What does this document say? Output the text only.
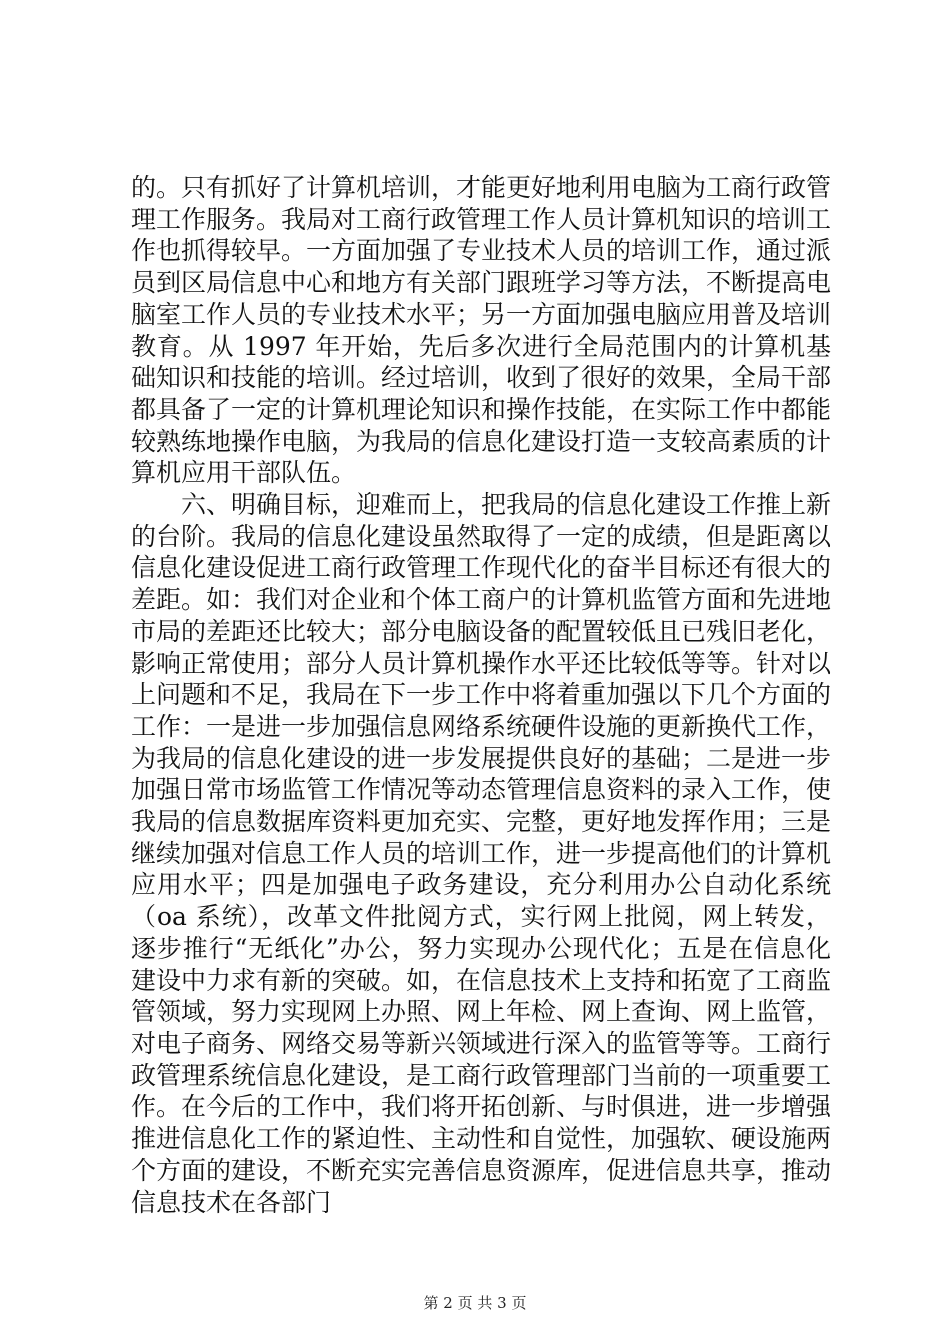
的。只有抓好了计算机培训，才能更好地利用电脑为工商行政管理工作服务。我局对工商行政管理工作人员计算机知识的培训工作也抓得较早。一方面加强了专业技术人员的培训工作，通过派员到区局信息中心和地方有关部门跟班学习等方法，不断提高电脑室工作人员的专业技术水平；另一方面加强电脑应用普及培训教育。从 1997 年开始，先后多次进行全局范围内的计算机基础知识和技能的培训。经过培训，收到了很好的效果，全局干部都具备了一定的计算机理论知识和操作技能，在实际工作中都能较熟练地操作电脑，为我局的信息化建设打造一支较高素质的计算机应用干部队伍。

六、明确目标，迎难而上，把我局的信息化建设工作推上新的台阶。我局的信息化建设虽然取得了一定的成绩，但是距离以信息化建设促进工商行政管理工作现代化的奋半目标还有很大的差距。如：我们对企业和个体工商户的计算机监管方面和先进地市局的差距还比较大；部分电脑设备的配置较低且已残旧老化，影响正常使用；部分人员计算机操作水平还比较低等等。针对以上问题和不足，我局在下一步工作中将着重加强以下几个方面的工作：一是进一步加强信息网络系统硬件设施的更新换代工作，为我局的信息化建设的进一步发展提供良好的基础；二是进一步加强日常市场监管工作情况等动态管理信息资料的录入工作，使我局的信息数据库资料更加充实、完整，更好地发挥作用；三是继续加强对信息工作人员的培训工作，进一步提高他们的计算机应用水平；四是加强电子政务建设，充分利用办公自动化系统（oa 系统），改革文件批阅方式，实行网上批阅，网上转发，逐步推行“无纸化”办公，努力实现办公现代化；五是在信息化建设中力求有新的突破。如，在信息技术上支持和拓宽了工商监管领域，努力实现网上办照、网上年检、网上查询、网上监管，对电子商务、网络交易等新兴领域进行深入的监管等等。工商行政管理系统信息化建设，是工商行政管理部门当前的一项重要工作。在今后的工作中，我们将开拓创新、与时俱进，进一步增强推进信息化工作的紧迫性、主动性和自觉性，加强软、硬设施两个方面的建设，不断充实完善信息资源库，促进信息共享，推动信息技术在各部门

第 2 页 共 3 页
